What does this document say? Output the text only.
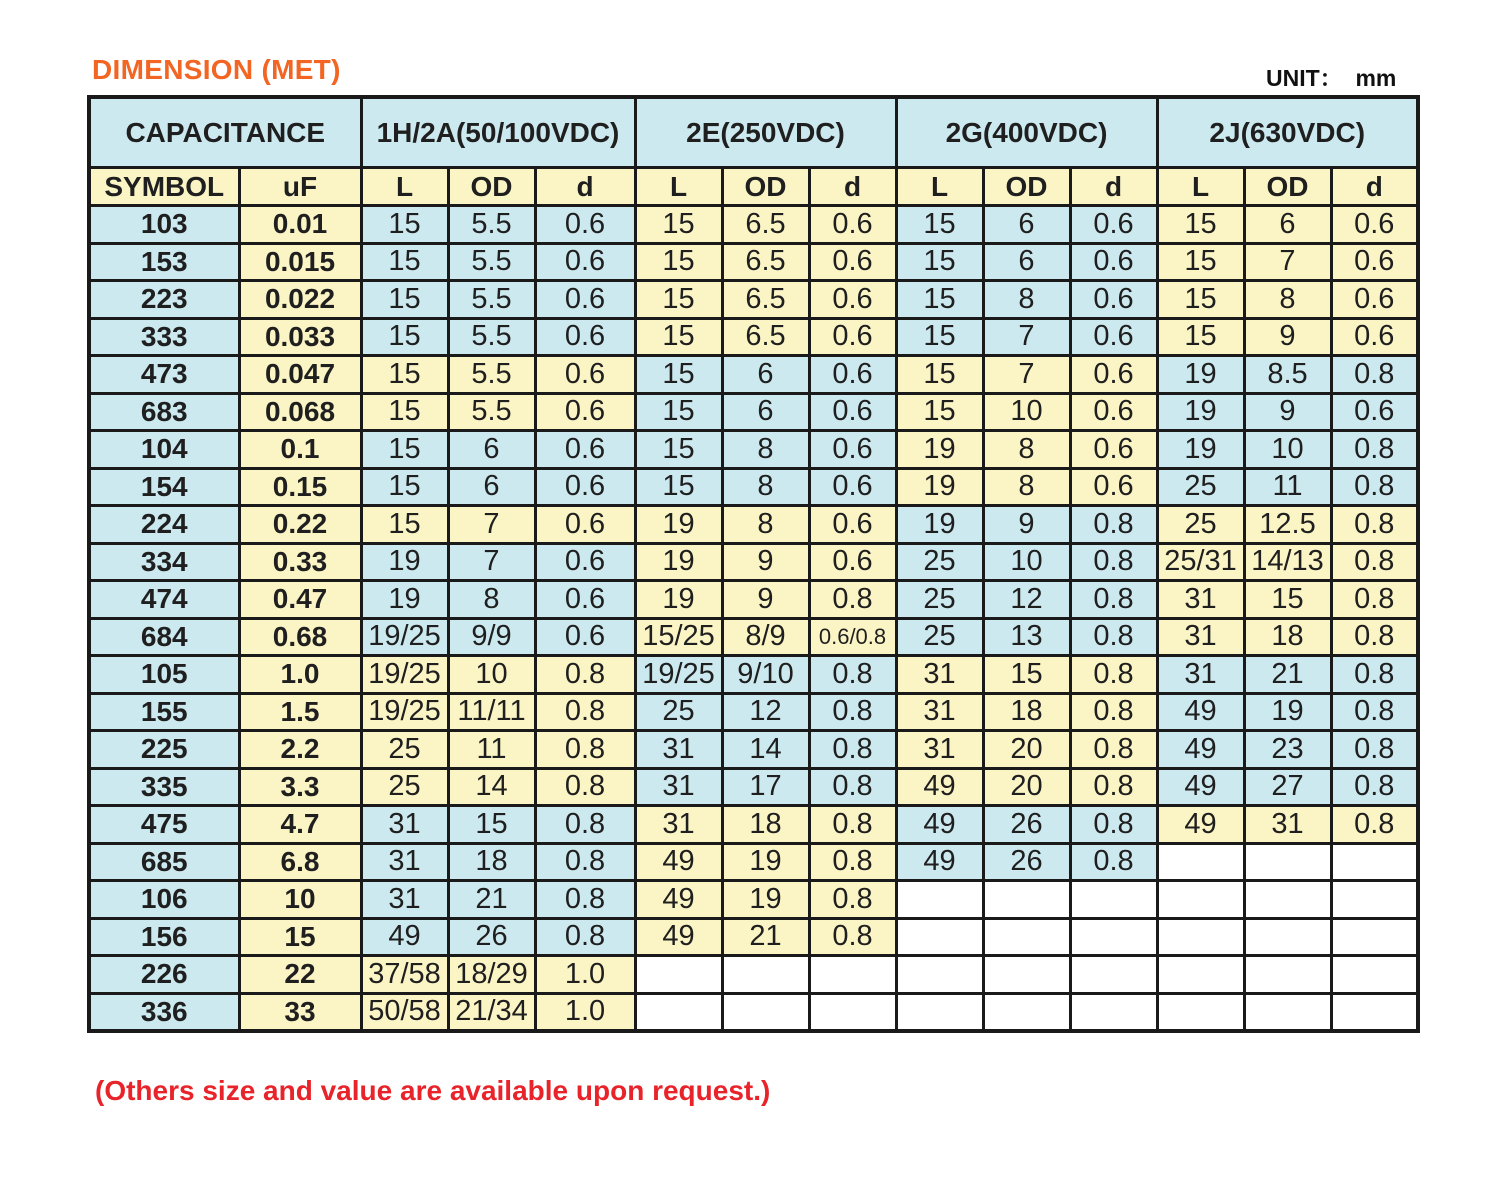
DIMENSION (MET)	UNIT：  mm
CAPACITANCE		1H/2A(50/100VDC)			2E(250VDC)			2G(400VDC)			2J(630VDC)		
SYMBOL	uF	L	OD	d	L	OD	d	L	OD	d	L	OD	d
103	0.01	15	5.5	0.6	15	6.5	0.6	15	6	0.6	15	6	0.6
153	0.015	15	5.5	0.6	15	6.5	0.6	15	6	0.6	15	7	0.6
223	0.022	15	5.5	0.6	15	6.5	0.6	15	8	0.6	15	8	0.6
333	0.033	15	5.5	0.6	15	6.5	0.6	15	7	0.6	15	9	0.6
473	0.047	15	5.5	0.6	15	6	0.6	15	7	0.6	19	8.5	0.8
683	0.068	15	5.5	0.6	15	6	0.6	15	10	0.6	19	9	0.6
104	0.1	15	6	0.6	15	8	0.6	19	8	0.6	19	10	0.8
154	0.15	15	6	0.6	15	8	0.6	19	8	0.6	25	11	0.8
224	0.22	15	7	0.6	19	8	0.6	19	9	0.8	25	12.5	0.8
334	0.33	19	7	0.6	19	9	0.6	25	10	0.8	25/31	14/13	0.8
474	0.47	19	8	0.6	19	9	0.8	25	12	0.8	31	15	0.8
684	0.68	19/25	9/9	0.6	15/25	8/9	0.6/0.8	25	13	0.8	31	18	0.8
105	1.0	19/25	10	0.8	19/25	9/10	0.8	31	15	0.8	31	21	0.8
155	1.5	19/25	11/11	0.8	25	12	0.8	31	18	0.8	49	19	0.8
225	2.2	25	11	0.8	31	14	0.8	31	20	0.8	49	23	0.8
335	3.3	25	14	0.8	31	17	0.8	49	20	0.8	49	27	0.8
475	4.7	31	15	0.8	31	18	0.8	49	26	0.8	49	31	0.8
685	6.8	31	18	0.8	49	19	0.8	49	26	0.8			
106	10	31	21	0.8	49	19	0.8						
156	15	49	26	0.8	49	21	0.8						
226	22	37/58	18/29	1.0									
336	33	50/58	21/34	1.0									
(Others size and value are available upon request.)
